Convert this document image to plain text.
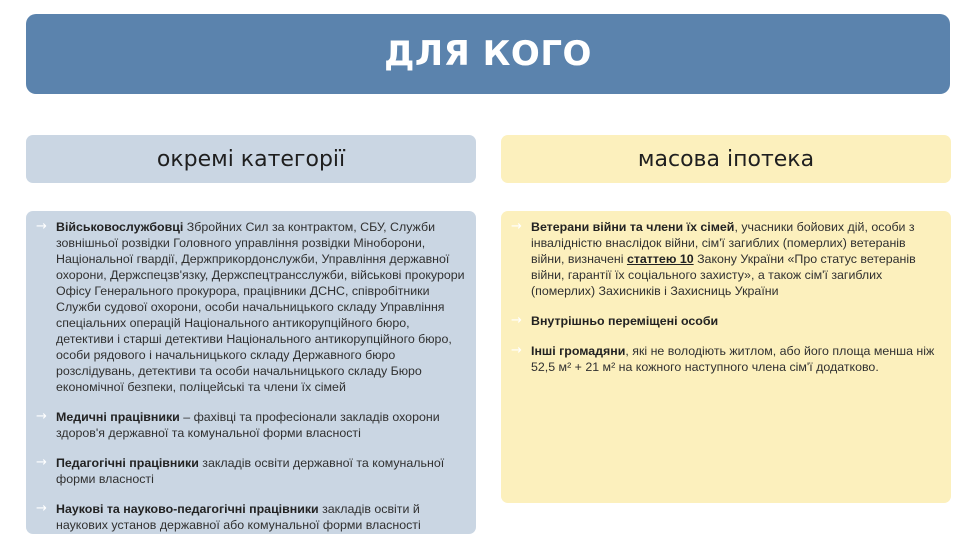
ДЛЯ КОГО
окремі категорії	масова іпотека
→ Військовослужбовці Збройних Сил за контрактом, СБУ, Служби зовнішньої розвідки Головного управління розвідки Міноборони, Національної гвардії, Держприкордонслужби, Управління державної охорони, Держспецзв'язку, Держспецтрансслужби, військові прокурори Офісу Генерального прокурора, працівники ДСНС, співробітники Служби судової охорони, особи начальницького складу Управління спеціальних операцій Національного антикорупційного бюро, детективи і старші детективи Національного антикорупційного бюро, особи рядового і начальницького складу Державного бюро розслідувань, детективи та особи начальницького складу Бюро економічної безпеки, поліцейські та члени їх сімей
→ Медичні працівники – фахівці та професіонали закладів охорони здоров'я державної та комунальної форми власності
→ Педагогічні працівники закладів освіти державної та комунальної форми власності
→ Наукові та науково-педагогічні працівники закладів освіти й наукових установ державної або комунальної форми власності
→ Ветерани війни та члени їх сімей, учасники бойових дій, особи з інвалідністю внаслідок війни, сім'ї загиблих (померлих) ветеранів війни, визначені статтею 10 Закону України «Про статус ветеранів війни, гарантії їх соціального захисту», а також сім'ї загиблих (померлих) Захисників і Захисниць України
→ Внутрішньо переміщені особи
→ Інші громадяни, які не володіють житлом, або його площа менша ніж 52,5 м² + 21 м² на кожного наступного члена сім'ї додатково.
